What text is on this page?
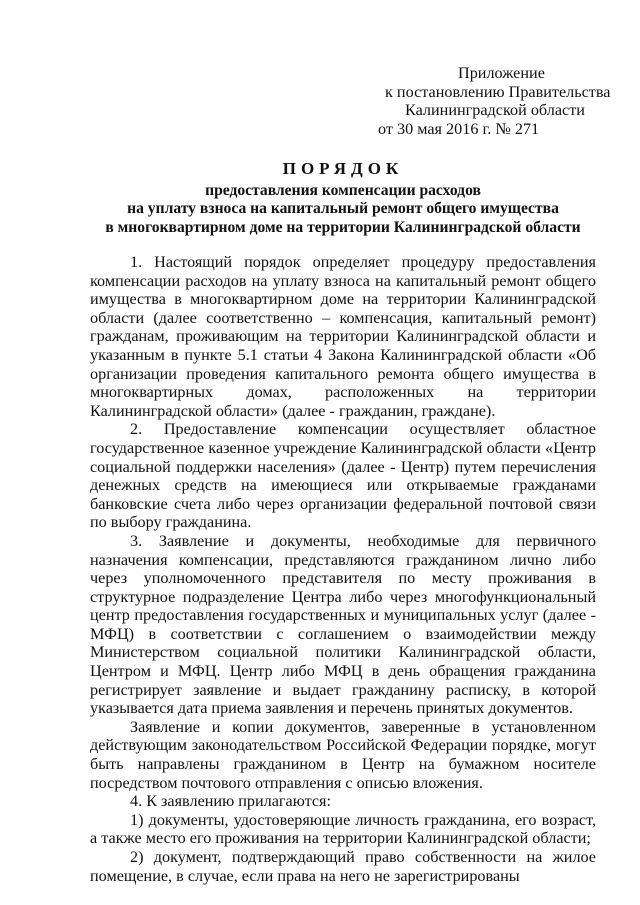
Приложение
к постановлению Правительства
Калининградской области
от 30 мая 2016 г. № 271
ПОРЯДОК
предоставления компенсации расходов
на уплату взноса на капитальный ремонт общего имущества
в многоквартирном доме на территории Калининградской области

1. Настоящий порядок определяет процедуру предоставления компенсации расходов на уплату взноса на капитальный ремонт общего имущества в многоквартирном доме на территории Калининградской области (далее соответственно – компенсация, капитальный ремонт) гражданам, проживающим на территории Калининградской области и указанным в пункте 5.1 статьи 4 Закона Калининградской области «Об организации проведения капитального ремонта общего имущества в многоквартирных домах, расположенных на территории Калининградской области» (далее - гражданин, граждане).

2. Предоставление компенсации осуществляет областное государственное казенное учреждение Калининградской области «Центр социальной поддержки населения» (далее - Центр) путем перечисления денежных средств на имеющиеся или открываемые гражданами банковские счета либо через организации федеральной почтовой связи по выбору гражданина.

3. Заявление и документы, необходимые для первичного назначения компенсации, представляются гражданином лично либо через уполномоченного представителя по месту проживания в структурное подразделение Центра либо через многофункциональный центр предоставления государственных и муниципальных услуг (далее - МФЦ) в соответствии с соглашением о взаимодействии между Министерством социальной политики Калининградской области, Центром и МФЦ. Центр либо МФЦ в день обращения гражданина регистрирует заявление и выдает гражданину расписку, в которой указывается дата приема заявления и перечень принятых документов.

Заявление и копии документов, заверенные в установленном действующим законодательством Российской Федерации порядке, могут быть направлены гражданином в Центр на бумажном носителе посредством почтового отправления с описью вложения.

4. К заявлению прилагаются:

1) документы, удостоверяющие личность гражданина, его возраст, а также место его проживания на территории Калининградской области;

2) документ, подтверждающий право собственности на жилое помещение, в случае, если права на него не зарегистрированы
